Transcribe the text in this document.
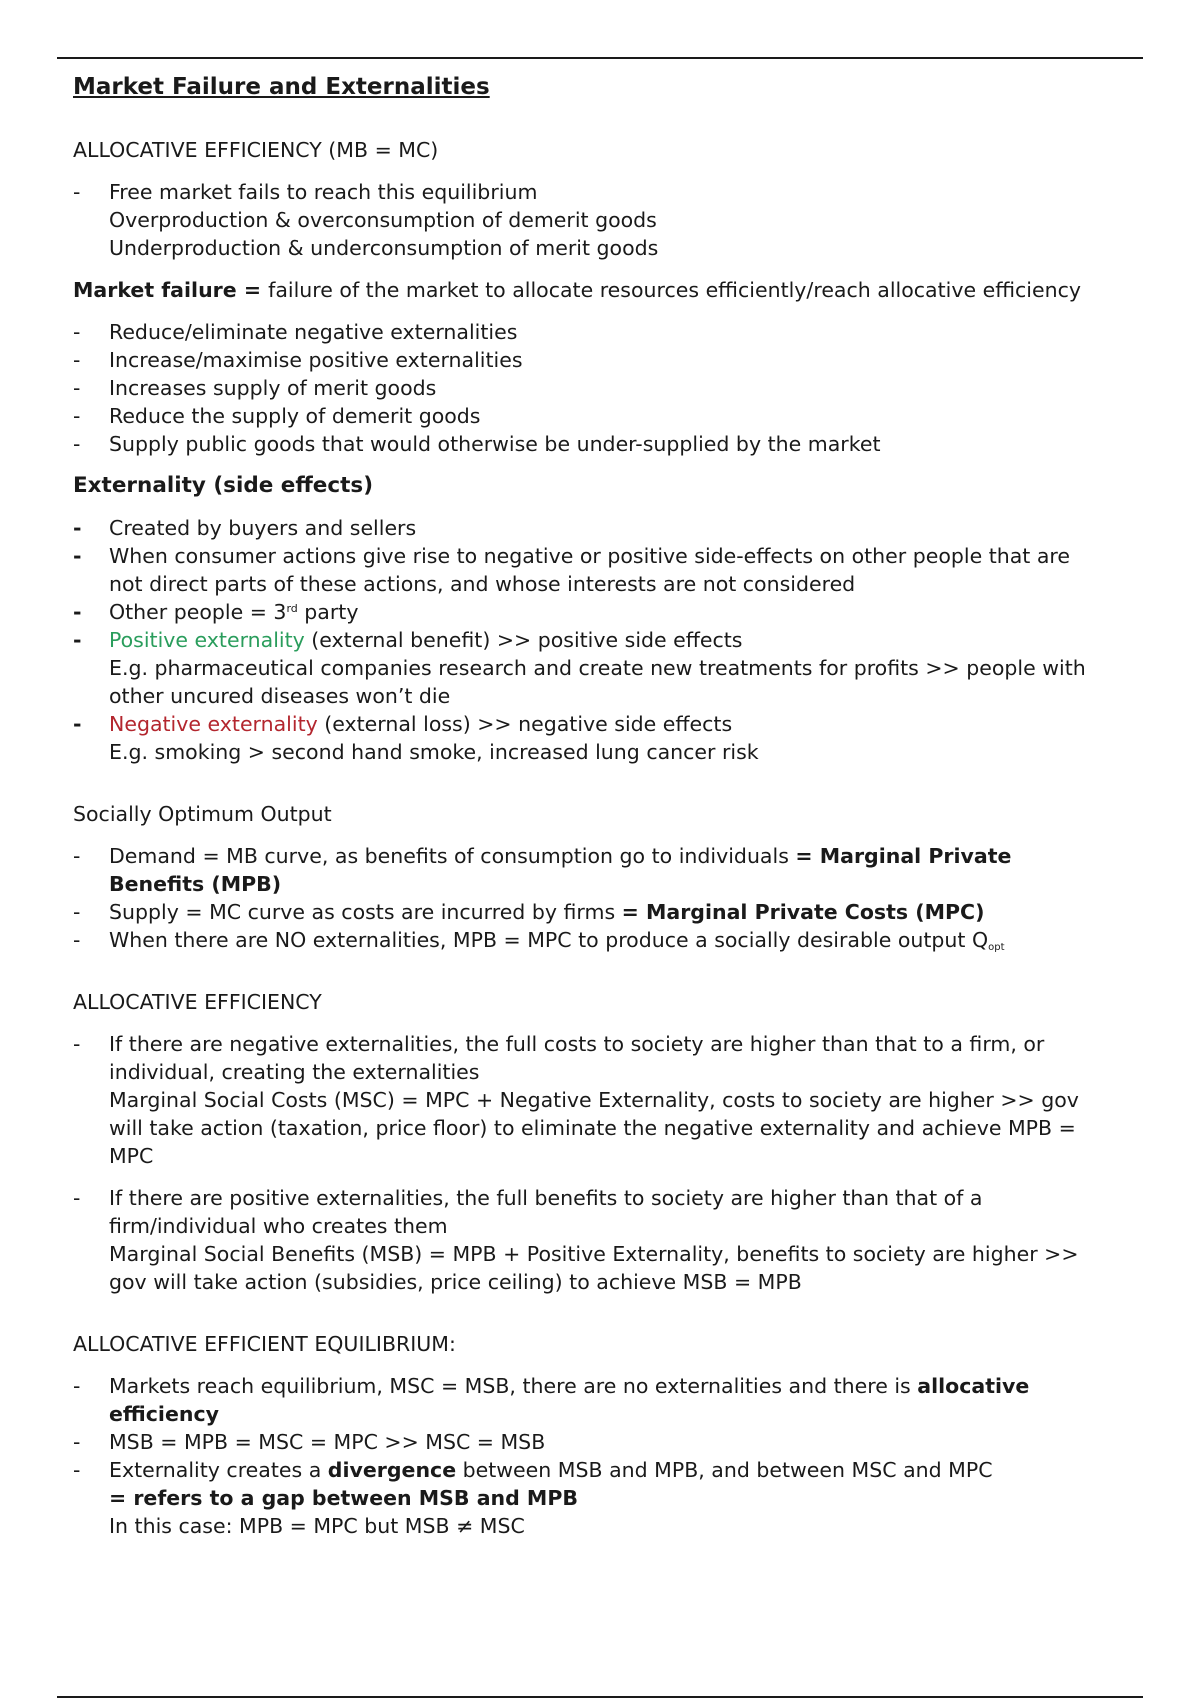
Market Failure and Externalities

ALLOCATIVE EFFICIENCY (MB = MC)

- Free market fails to reach this equilibrium
Overproduction & overconsumption of demerit goods
Underproduction & underconsumption of merit goods

Market failure = failure of the market to allocate resources efficiently/reach allocative efficiency

- Reduce/eliminate negative externalities
- Increase/maximise positive externalities
- Increases supply of merit goods
- Reduce the supply of demerit goods
- Supply public goods that would otherwise be under-supplied by the market

Externality (side effects)

- Created by buyers and sellers
- When consumer actions give rise to negative or positive side-effects on other people that are
not direct parts of these actions, and whose interests are not considered
- Other people = 3rd party
- Positive externality (external benefit) >> positive side effects
E.g. pharmaceutical companies research and create new treatments for profits >> people with
other uncured diseases won’t die
- Negative externality (external loss) >> negative side effects
E.g. smoking > second hand smoke, increased lung cancer risk

Socially Optimum Output

- Demand = MB curve, as benefits of consumption go to individuals = Marginal Private
Benefits (MPB)
- Supply = MC curve as costs are incurred by firms = Marginal Private Costs (MPC)
- When there are NO externalities, MPB = MPC to produce a socially desirable output $Q_{opt}$

ALLOCATIVE EFFICIENCY

- If there are negative externalities, the full costs to society are higher than that to a firm, or
individual, creating the externalities
Marginal Social Costs (MSC) = MPC + Negative Externality, costs to society are higher >> gov
will take action (taxation, price floor) to eliminate the negative externality and achieve MPB =
MPC
- If there are positive externalities, the full benefits to society are higher than that of a
firm/individual who creates them
Marginal Social Benefits (MSB) = MPB + Positive Externality, benefits to society are higher >>
gov will take action (subsidies, price ceiling) to achieve MSB = MPB

ALLOCATIVE EFFICIENT EQUILIBRIUM:

- Markets reach equilibrium, MSC = MSB, there are no externalities and there is allocative
efficiency
- MSB = MPB = MSC = MPC >> MSC = MSB
- Externality creates a divergence between MSB and MPB, and between MSC and MPC
= refers to a gap between MSB and MPB
In this case: MPB = MPC but MSB ≠ MSC
